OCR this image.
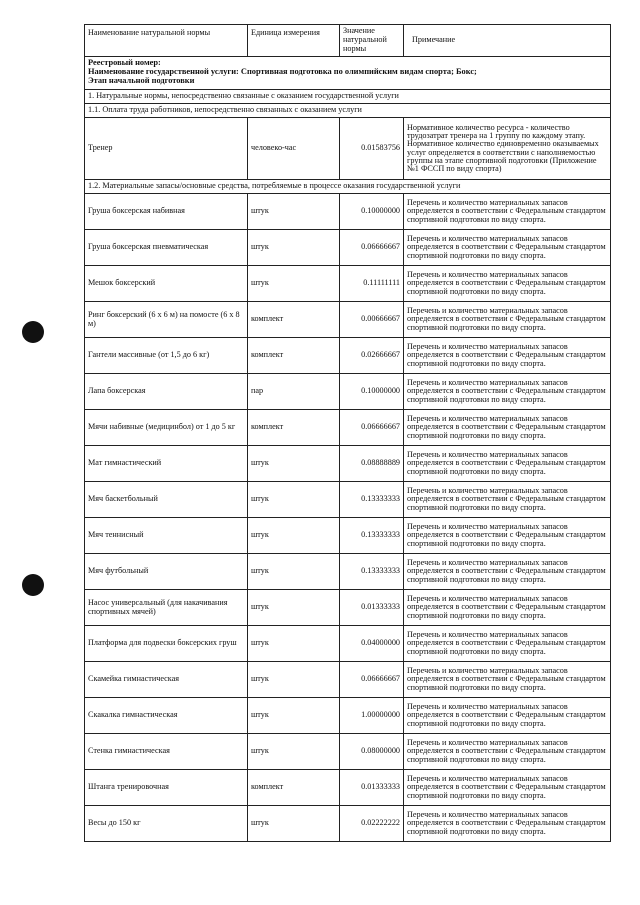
Наименование натуральной нормы	Единица измерения	Значение натуральной нормы	Примечание

Реестровый номер:
Наименование государственной услуги: Спортивная подготовка по олимпийским видам спорта; Бокс;
Этап начальной подготовки			

1. Натуральные нормы, непосредственно связанные с оказанием государственной услуги			
1.1. Оплата труда работников, непосредственно связанных с оказанием услуги			
Тренер	человеко-час	0.01583756	Нормативное количество ресурса - количество трудозатрат тренера на 1 группу по каждому этапу. Нормативное количество единовременно оказываемых услуг определяется в соответствии с наполняемостью группы на этапе спортивной подготовки (Приложение №1 ФССП по виду спорта)
1.2. Материальные запасы/основные средства, потребляемые в процессе оказания государственной услуги			
Груша боксерская набивная	штук	0.10000000	Перечень и количество материальных запасов определяется в соответствии с Федеральным стандартом спортивной подготовки по виду спорта.
Груша боксерская пневматическая	штук	0.06666667	Перечень и количество материальных запасов определяется в соответствии с Федеральным стандартом спортивной подготовки по виду спорта.
Мешок боксерский	штук	0.11111111	Перечень и количество материальных запасов определяется в соответствии с Федеральным стандартом спортивной подготовки по виду спорта.
Ринг боксерский (6 x 6 м) на помосте (6 x 8 м)	комплект	0.00666667	Перечень и количество материальных запасов определяется в соответствии с Федеральным стандартом спортивной подготовки по виду спорта.
Гантели массивные (от 1,5 до 6 кг)	комплект	0.02666667	Перечень и количество материальных запасов определяется в соответствии с Федеральным стандартом спортивной подготовки по виду спорта.
Лапа боксерская	пар	0.10000000	Перечень и количество материальных запасов определяется в соответствии с Федеральным стандартом спортивной подготовки по виду спорта.
Мячи набивные (медицинбол) от 1 до 5 кг	комплект	0.06666667	Перечень и количество материальных запасов определяется в соответствии с Федеральным стандартом спортивной подготовки по виду спорта.
Мат гимнастический	штук	0.08888889	Перечень и количество материальных запасов определяется в соответствии с Федеральным стандартом спортивной подготовки по виду спорта.
Мяч баскетбольный	штук	0.13333333	Перечень и количество материальных запасов определяется в соответствии с Федеральным стандартом спортивной подготовки по виду спорта.
Мяч теннисный	штук	0.13333333	Перечень и количество материальных запасов определяется в соответствии с Федеральным стандартом спортивной подготовки по виду спорта.
Мяч футбольный	штук	0.13333333	Перечень и количество материальных запасов определяется в соответствии с Федеральным стандартом спортивной подготовки по виду спорта.
Насос универсальный (для накачивания спортивных мячей)	штук	0.01333333	Перечень и количество материальных запасов определяется в соответствии с Федеральным стандартом спортивной подготовки по виду спорта.
Платформа для подвески боксерских груш	штук	0.04000000	Перечень и количество материальных запасов определяется в соответствии с Федеральным стандартом спортивной подготовки по виду спорта.
Скамейка гимнастическая	штук	0.06666667	Перечень и количество материальных запасов определяется в соответствии с Федеральным стандартом спортивной подготовки по виду спорта.
Скакалка гимнастическая	штук	1.00000000	Перечень и количество материальных запасов определяется в соответствии с Федеральным стандартом спортивной подготовки по виду спорта.
Стенка гимнастическая	штук	0.08000000	Перечень и количество материальных запасов определяется в соответствии с Федеральным стандартом спортивной подготовки по виду спорта.
Штанга тренировочная	комплект	0.01333333	Перечень и количество материальных запасов определяется в соответствии с Федеральным стандартом спортивной подготовки по виду спорта.
Весы до 150 кг	штук	0.02222222	Перечень и количество материальных запасов определяется в соответствии с Федеральным стандартом спортивной подготовки по виду спорта.
